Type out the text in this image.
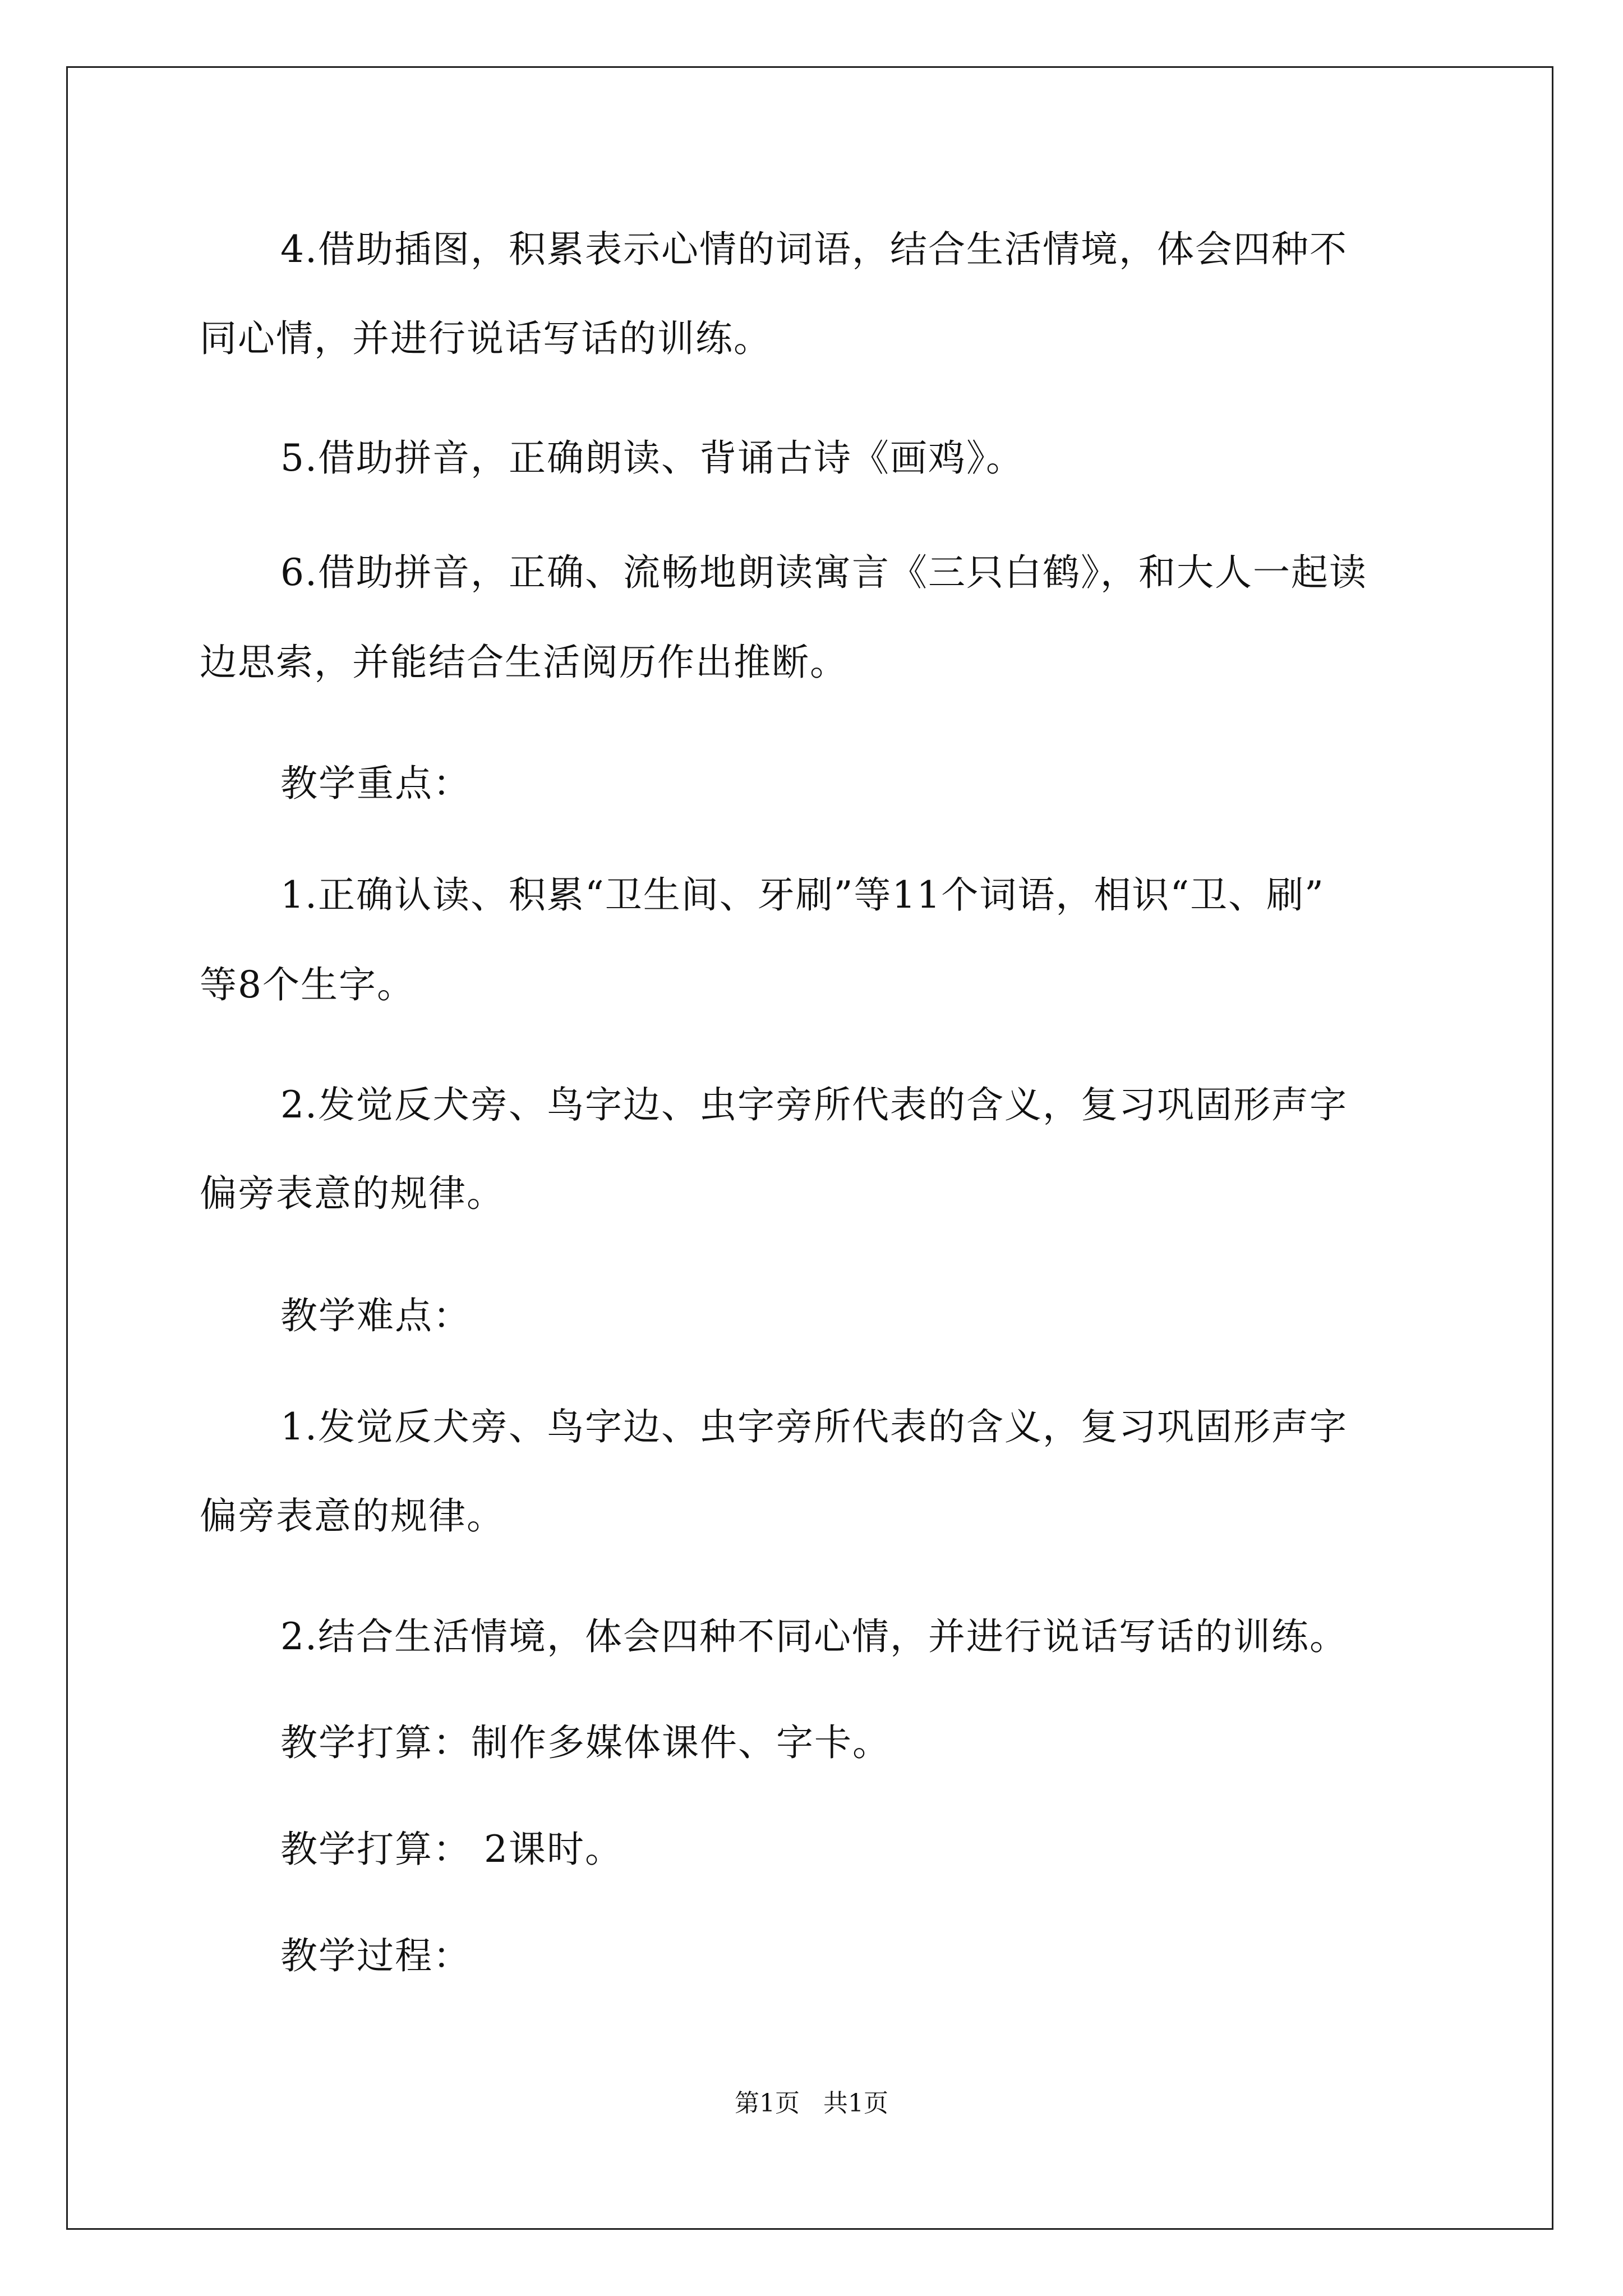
4.借助插图，积累表示心情的词语，结合生活情境，体会四种不
同心情，并进行说话写话的训练。
5.借助拼音，正确朗读、背诵古诗《画鸡》。
6.借助拼音，正确、流畅地朗读寓言《三只白鹤》，和大人一起读
边思索，并能结合生活阅历作出推断。
教学重点：
1.正确认读、积累“卫生间、牙刷”等11个词语，相识“卫、刷”
等8个生字。
2.发觉反犬旁、鸟字边、虫字旁所代表的含义，复习巩固形声字
偏旁表意的规律。
教学难点：
1.发觉反犬旁、鸟字边、虫字旁所代表的含义，复习巩固形声字
偏旁表意的规律。
2.结合生活情境，体会四种不同心情，并进行说话写话的训练。
教学打算：制作多媒体课件、字卡。
教学打算： 2课时。
教学过程：
第1页   共1页
